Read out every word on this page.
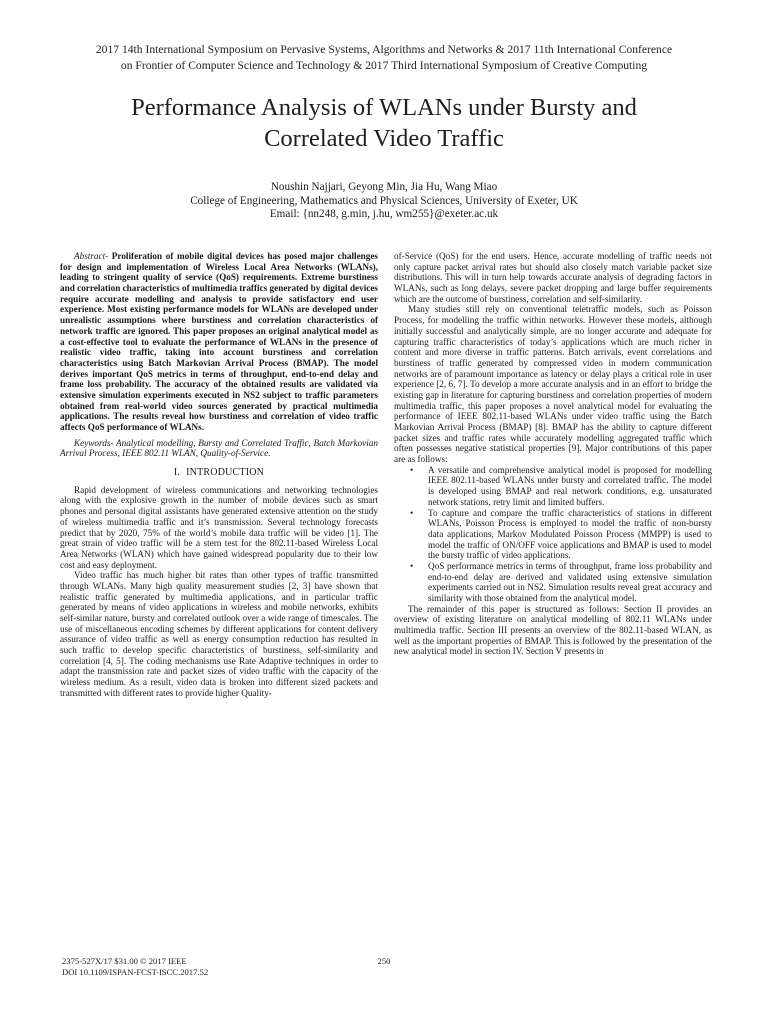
2017 14th International Symposium on Pervasive Systems, Algorithms and Networks & 2017 11th International Conference
on Frontier of Computer Science and Technology & 2017 Third International Symposium of Creative Computing
Performance Analysis of WLANs under Bursty and
Correlated Video Traffic
Noushin Najjari, Geyong Min, Jia Hu, Wang Miao
College of Engineering, Mathematics and Physical Sciences, University of Exeter, UK
Email: {nn248, g.min, j.hu, wm255}@exeter.ac.uk

Abstract- Proliferation of mobile digital devices has posed major challenges for design and implementation of Wireless Local Area Networks (WLANs), leading to stringent quality of service (QoS) requirements. Extreme burstiness and correlation characteristics of multimedia traffics generated by digital devices require accurate modelling and analysis to provide satisfactory end user experience. Most existing performance models for WLANs are developed under unrealistic assumptions where burstiness and correlation characteristics of network traffic are ignored. This paper proposes an original analytical model as a cost-effective tool to evaluate the performance of WLANs in the presence of realistic video traffic, taking into account burstiness and correlation characteristics using Batch Markovian Arrival Process (BMAP). The model derives important QoS metrics in terms of throughput, end-to-end delay and frame loss probability. The accuracy of the obtained results are validated via extensive simulation experiments executed in NS2 subject to traffic parameters obtained from real-world video sources generated by practical multimedia applications. The results reveal how burstiness and correlation of video traffic affects QoS performance of WLANs.

Keywords- Analytical modelling, Bursty and Correlated Traffic, Batch Markovian Arrival Process, IEEE 802.11 WLAN, Quality-of-Service.

I. INTRODUCTION

Rapid development of wireless communications and networking technologies along with the explosive growth in the number of mobile devices such as smart phones and personal digital assistants have generated extensive attention on the study of wireless multimedia traffic and it’s transmission. Several technology forecasts predict that by 2020, 75% of the world’s mobile data traffic will be video [1]. The great strain of video traffic will be a stern test for the 802.11-based Wireless Local Area Networks (WLAN) which have gained widespread popularity due to their low cost and easy deployment.

Video traffic has much higher bit rates than other types of traffic transmitted through WLANs. Many high quality measurement studies [2, 3] have shown that realistic traffic generated by multimedia applications, and in particular traffic generated by means of video applications in wireless and mobile networks, exhibits self-similar nature, bursty and correlated outlook over a wide range of timescales. The use of miscellaneous encoding schemes by different applications for content delivery assurance of video traffic as well as energy consumption reduction has resulted in such traffic to develop specific characteristics of burstiness, self-similarity and correlation [4, 5]. The coding mechanisms use Rate Adaptive techniques in order to adapt the transmission rate and packet sizes of video traffic with the capacity of the wireless medium. As a result, video data is broken into different sized packets and transmitted with different rates to provide higher Quality-

of-Service (QoS) for the end users. Hence, accurate modelling of traffic needs not only capture packet arrival rates but should also closely match variable packet size distributions. This will in turn help towards accurate analysis of degrading factors in WLANs, such as long delays, severe packet dropping and large buffer requirements which are the outcome of burstiness, correlation and self-similarity.

Many studies still rely on conventional teletraffic models, such as Poisson Process, for modelling the traffic within networks. However these models, although initially successful and analytically simple, are no longer accurate and adequate for capturing traffic characteristics of today’s applications which are much richer in content and more diverse in traffic patterns. Batch arrivals, event correlations and burstiness of traffic generated by compressed video in modern communication networks are of paramount importance as latency or delay plays a critical role in user experience [2, 6, 7]. To develop a more accurate analysis and in an effort to bridge the existing gap in literature for capturing burstiness and correlation properties of modern multimedia traffic, this paper proposes a novel analytical model for evaluating the performance of IEEE 802.11-based WLANs under video traffic using the Batch Markovian Arrival Process (BMAP) [8]. BMAP has the ability to capture different packet sizes and traffic rates while accurately modelling aggregated traffic which often possesses negative statistical properties [9]. Major contributions of this paper are as follows:

• A versatile and comprehensive analytical model is proposed for modelling IEEE 802.11-based WLANs under bursty and correlated traffic. The model is developed using BMAP and real network conditions, e.g. unsaturated network stations, retry limit and limited buffers.
• To capture and compare the traffic characteristics of stations in different WLANs, Poisson Process is employed to model the traffic of non-bursty data applications, Markov Modulated Poisson Process (MMPP) is used to model the traffic of ON/OFF voice applications and BMAP is used to model the bursty traffic of video applications.
• QoS performance metrics in terms of throughput, frame loss probability and end-to-end delay are derived and validated using extensive simulation experiments carried out in NS2. Simulation results reveal great accuracy and similarity with those obtained from the analytical model.

The remainder of this paper is structured as follows: Section II provides an overview of existing literature on analytical modelling of 802.11 WLANs under multimedia traffic. Section III presents an overview of the 802.11-based WLAN, as well as the important properties of BMAP. This is followed by the presentation of the new analytical model in section IV. Section V presents in

2375-527X/17 $31.00 © 2017 IEEE
DOI 10.1109/ISPAN-FCST-ISCC.2017.52
250
